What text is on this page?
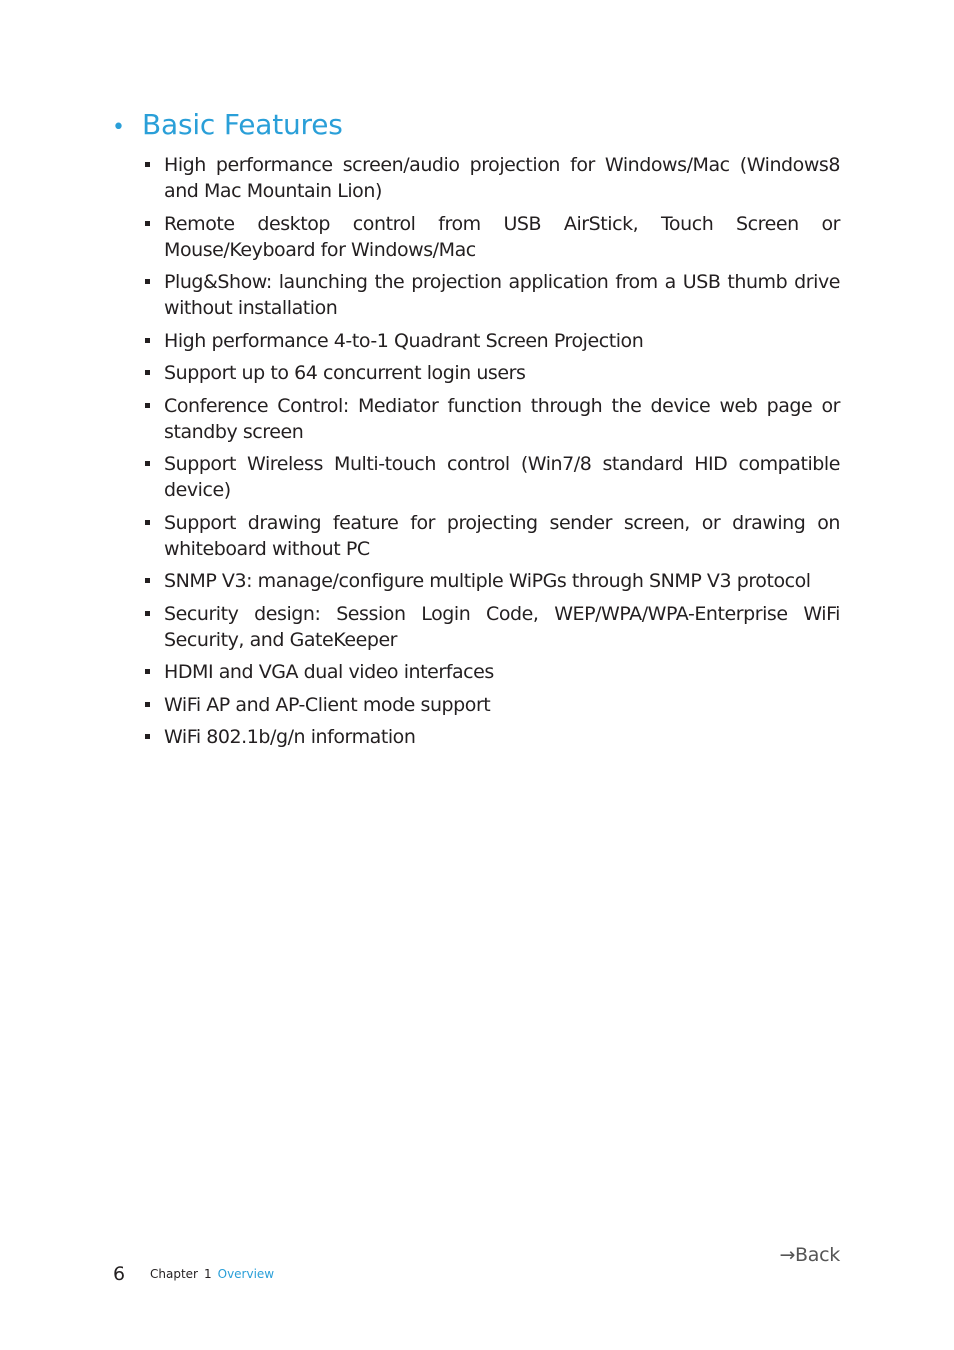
• Basic Features
High performance screen/audio projection for Windows/Mac (Windows8 and Mac Mountain Lion)
Remote desktop control from USB AirStick, Touch Screen or Mouse/Keyboard for Windows/Mac
Plug&Show: launching the projection application from a USB thumb drive without installation
High performance 4-to-1 Quadrant Screen Projection
Support up to 64 concurrent login users
Conference Control: Mediator function through the device web page or standby screen
Support Wireless Multi-touch control (Win7/8 standard HID compatible device)
Support drawing feature for projecting sender screen, or drawing on whiteboard without PC
SNMP V3: manage/configure multiple WiPGs through SNMP V3 protocol
Security design: Session Login Code, WEP/WPA/WPA-Enterprise WiFi Security, and GateKeeper
HDMI and VGA dual video interfaces
WiFi AP and AP-Client mode support
WiFi 802.1b/g/n information
→Back
6 Chapter 1 Overview
